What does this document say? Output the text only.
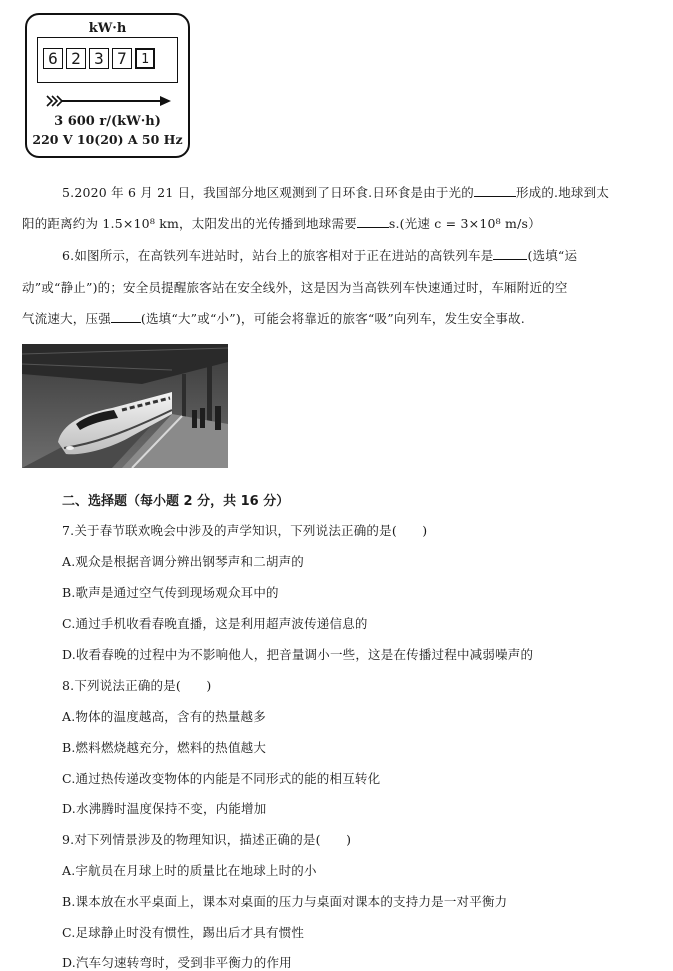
kW·h
6 2 3 7	1
3 600 r/(kW·h)
220 V 10(20) A 50 Hz
5.2020 年 6 月 21 日，我国部分地区观测到了日环食.日环食是由于光的	形成的.地球到太
阳的距离约为 1.5×10⁸ km，太阳发出的光传播到地球需要	s.(光速 c = 3×10⁸ m/s）
6.如图所示，在高铁列车进站时，站台上的旅客相对于正在进站的高铁列车是	(选填“运
动”或“静止”)的；安全员提醒旅客站在安全线外，这是因为当高铁列车快速通过时，车厢附近的空
气流速大，压强 (选填“大”或“小”)，可能会将靠近的旅客“吸”向列车，发生安全事故.
二、选择题（每小题 2 分，共 16 分）
7.关于春节联欢晚会中涉及的声学知识，下列说法正确的是(　　)
A.观众是根据音调分辨出钢琴声和二胡声的
B.歌声是通过空气传到现场观众耳中的
C.通过手机收看春晚直播，这是利用超声波传递信息的
D.收看春晚的过程中为不影响他人，把音量调小一些，这是在传播过程中减弱噪声的
8.下列说法正确的是(　　)
A.物体的温度越高，含有的热量越多
B.燃料燃烧越充分，燃料的热值越大
C.通过热传递改变物体的内能是不同形式的能的相互转化
D.水沸腾时温度保持不变，内能增加
9.对下列情景涉及的物理知识，描述正确的是(　　)
A.宇航员在月球上时的质量比在地球上时的小
B.课本放在水平桌面上，课本对桌面的压力与桌面对课本的支持力是一对平衡力
C.足球静止时没有惯性，踢出后才具有惯性
D.汽车匀速转弯时，受到非平衡力的作用
